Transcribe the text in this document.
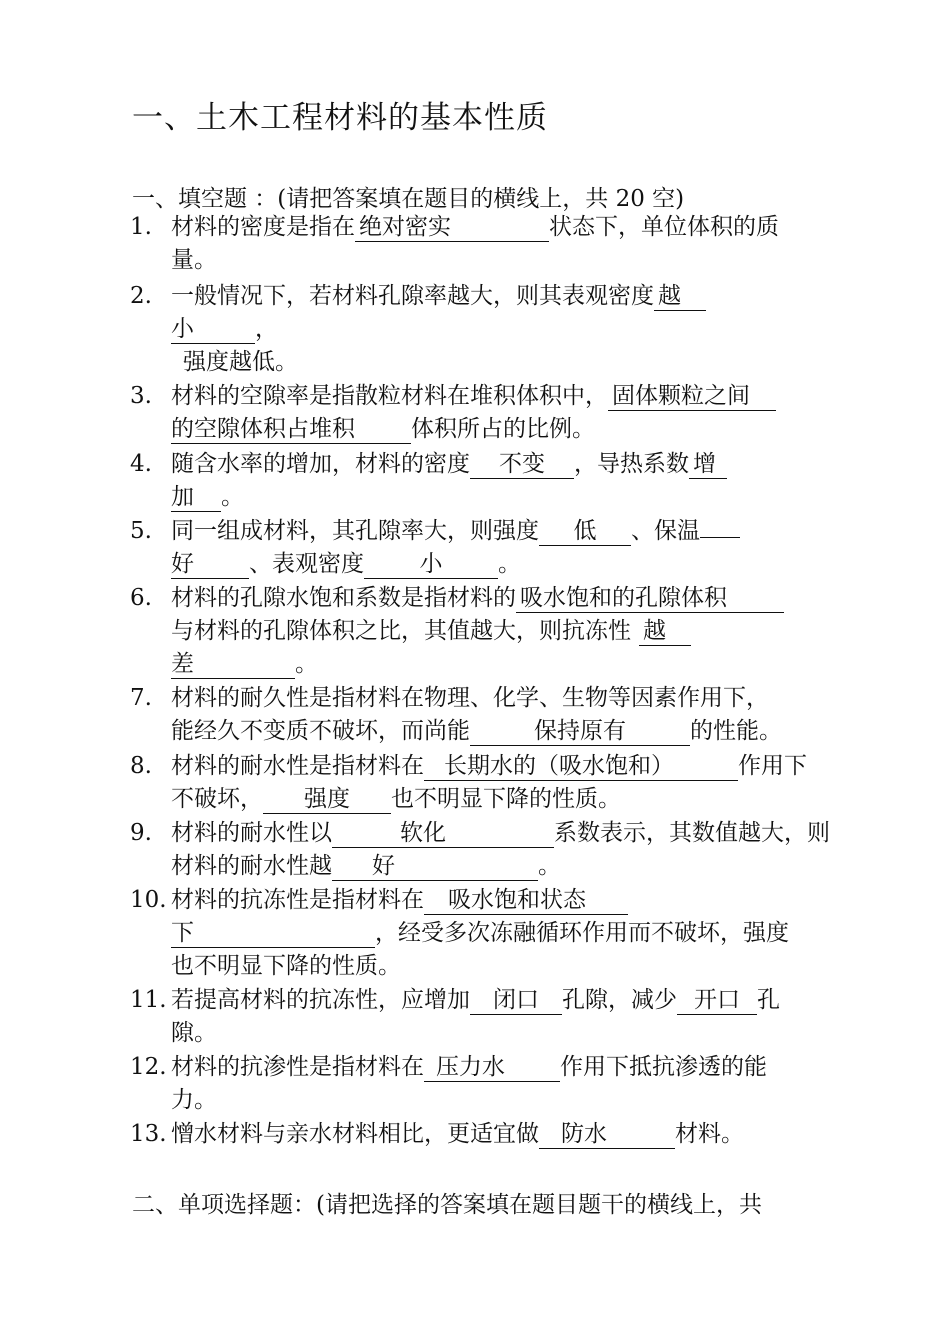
一、土木工程材料的基本性质
一、填空题 ：(请把答案填在题目的横线上，共 20 空)
1. 材料的密度是指在 绝对密实	状态下，单位体积的质
量。
2. 一般情况下，若材料孔隙率越大，则其表观密度 越
小	，
强度越低。
3. 材料的空隙率是指散粒材料在堆积体积中， 固体颗粒之间
的空隙体积占堆积 体积所占的比例。
4. 随含水率的增加，材料的密度 不变 ，导热系数 增
加 。
5. 同一组成材料，其孔隙率大，则强度 低 、保温
好 、表观密度 小 。
6. 材料的孔隙水饱和系数是指材料的 吸水饱和的孔隙体积
与材料的孔隙体积之比，其值越大，则抗冻性 越
差	。
7. 材料的耐久性是指材料在物理、化学、生物等因素作用下，
能经久不变质不破坏，而尚能	保持原有	的性能。
8. 材料的耐水性是指材料在 长期水的（吸水饱和）	作用下
不破坏， 强度 也不明显下降的性质。
9. 材料的耐水性以	软化	系数表示，其数值越大，则
材料的耐水性越 好	。
10. 材料的抗冻性是指材料在 吸水饱和状态
下	，经受多次冻融循环作用而不破坏，强度
也不明显下降的性质。
11. 若提高材料的抗冻性，应增加 闭口 孔隙，减少 开口 孔
隙。
12. 材料的抗渗性是指材料在 压力水 作用下抵抗渗透的能
力。
13. 憎水材料与亲水材料相比，更适宜做 防水	材料。
二、单项选择题：(请把选择的答案填在题目题干的横线上，共
